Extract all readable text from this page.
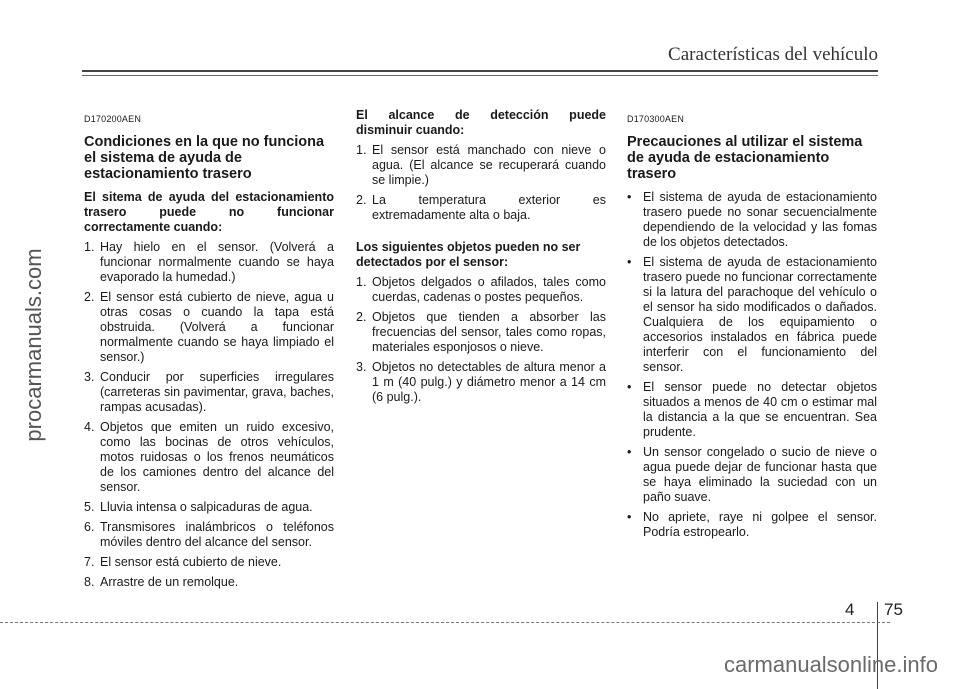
Características del vehículo
procarmanuals.com
D170200AEN
Condiciones en la que no funciona el sistema de ayuda de estacionamiento trasero
El sitema de ayuda del estacionamiento trasero puede no funcionar correctamente cuando:
1. Hay hielo en el sensor. (Volverá a funcionar normalmente cuando se haya evaporado la humedad.)
2. El sensor está cubierto de nieve, agua u otras cosas o cuando la tapa está obstruida. (Volverá a funcionar normalmente cuando se haya limpiado el sensor.)
3. Conducir por superficies irregulares (carreteras sin pavimentar, grava, baches, rampas acusadas).
4. Objetos que emiten un ruido excesivo, como las bocinas de otros vehículos, motos ruidosas o los frenos neumáticos de los camiones dentro del alcance del sensor.
5. Lluvia intensa o salpicaduras de agua.
6. Transmisores inalámbricos o teléfonos móviles dentro del alcance del sensor.
7. El sensor está cubierto de nieve.
8. Arrastre de un remolque.
El alcance de detección puede
disminuir cuando:
1. El sensor está manchado con nieve o agua. (El alcance se recuperará cuando se limpie.)
2. La temperatura exterior es extremadamente alta o baja.
Los siguientes objetos pueden no ser detectados por el sensor:
1. Objetos delgados o afilados, tales como cuerdas, cadenas o postes pequeños.
2. Objetos que tienden a absorber las frecuencias del sensor, tales como ropas, materiales esponjosos o nieve.
3. Objetos no detectables de altura menor a 1 m (40 pulg.) y diámetro menor a 14 cm (6 pulg.).
D170300AEN
Precauciones al utilizar el sistema de ayuda de estacionamiento trasero
• El sistema de ayuda de estacionamiento trasero puede no sonar secuencialmente dependiendo de la velocidad y las fomas de los objetos detectados.
• El sistema de ayuda de estacionamiento trasero puede no funcionar correctamente si la latura del parachoque del vehículo o el sensor ha sido modificados o dañados. Cualquiera de los equipamiento o accesorios instalados en fábrica puede interferir con el funcionamiento del sensor.
• El sensor puede no detectar objetos situados a menos de 40 cm o estimar mal la distancia a la que se encuentran. Sea prudente.
• Un sensor congelado o sucio de nieve o agua puede dejar de funcionar hasta que se haya eliminado la suciedad con un paño suave.
• No apriete, raye ni golpee el sensor. Podría estropearlo.
4 75
carmanualsonline.info
